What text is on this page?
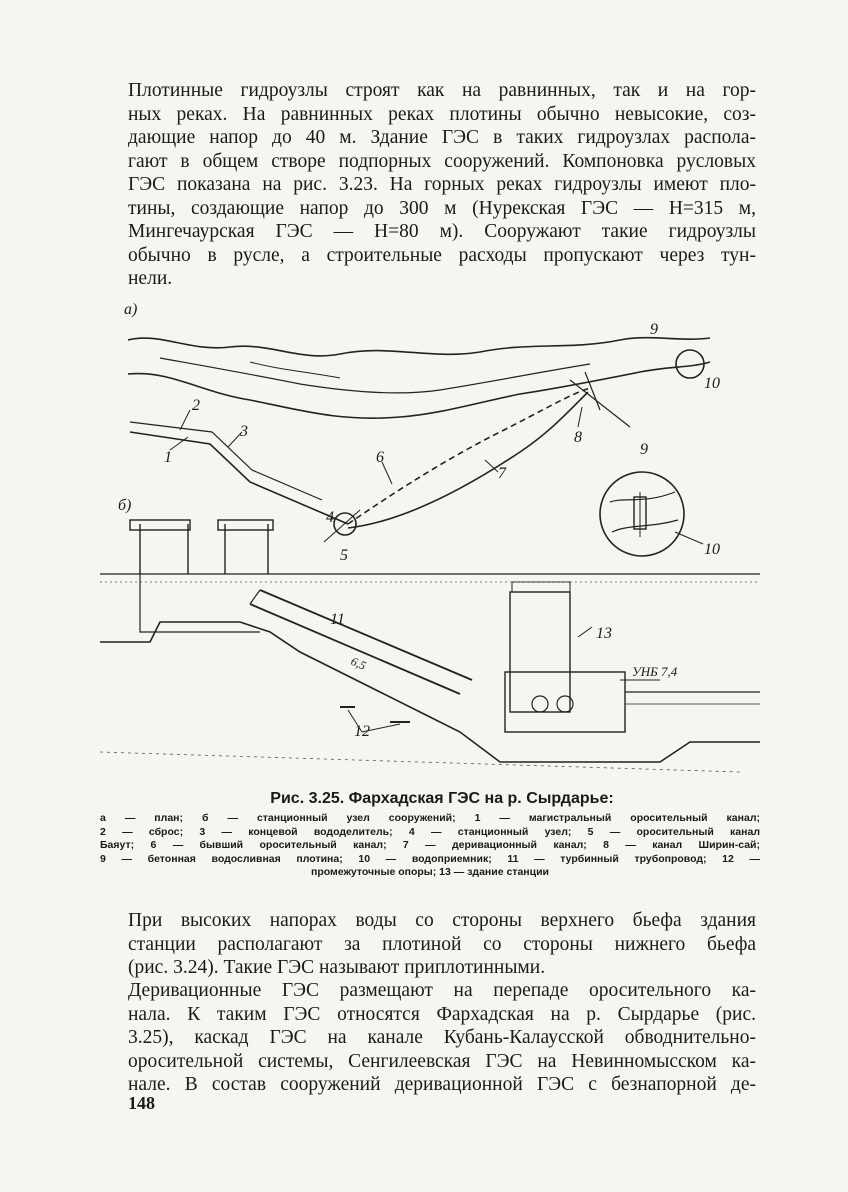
Плотинные гидроузлы строят как на равнинных, так и на гор-
ных реках. На равнинных реках плотины обычно невысокие, соз-
дающие напор до 40 м. Здание ГЭС в таких гидроузлах распола-
гают в общем створе подпорных сооружений. Компоновка русловых
ГЭС показана на рис. 3.23. На горных реках гидроузлы имеют пло-
тины, создающие напор до 300 м (Нурекская ГЭС — H=315 м,
Мингечаурская ГЭС — H=80 м). Сооружают такие гидроузлы
обычно в русле, а строительные расходы пропускают через тун-
нели.
а)
б)
1
2
3
4
5
6
7
8
9
10
9
10
11
12
13
УНБ 7,4
6,5
Рис. 3.25. Фархадская ГЭС на р. Сырдарье:
а — план; б — станционный узел сооружений; 1 — магистральный оросительный канал;
2 — сброс; 3 — концевой вододелитель; 4 — станционный узел; 5 — оросительный канал
Баяут; 6 — бывший оросительный канал; 7 — деривационный канал; 8 — канал Ширин-сай;
9 — бетонная водосливная плотина; 10 — водоприемник; 11 — турбинный трубопровод; 12 —
промежуточные опоры; 13 — здание станции
При высоких напорах воды со стороны верхнего бьефа здания
станции располагают за плотиной со стороны нижнего бьефа
(рис. 3.24). Такие ГЭС называют приплотинными.
Деривационные ГЭС размещают на перепаде оросительного ка-
нала. К таким ГЭС относятся Фархадская на р. Сырдарье (рис.
3.25), каскад ГЭС на канале Кубань-Калаусской обводнительно-
оросительной системы, Сенгилеевская ГЭС на Невинномысском ка-
нале. В состав сооружений деривационной ГЭС с безнапорной де-
148
